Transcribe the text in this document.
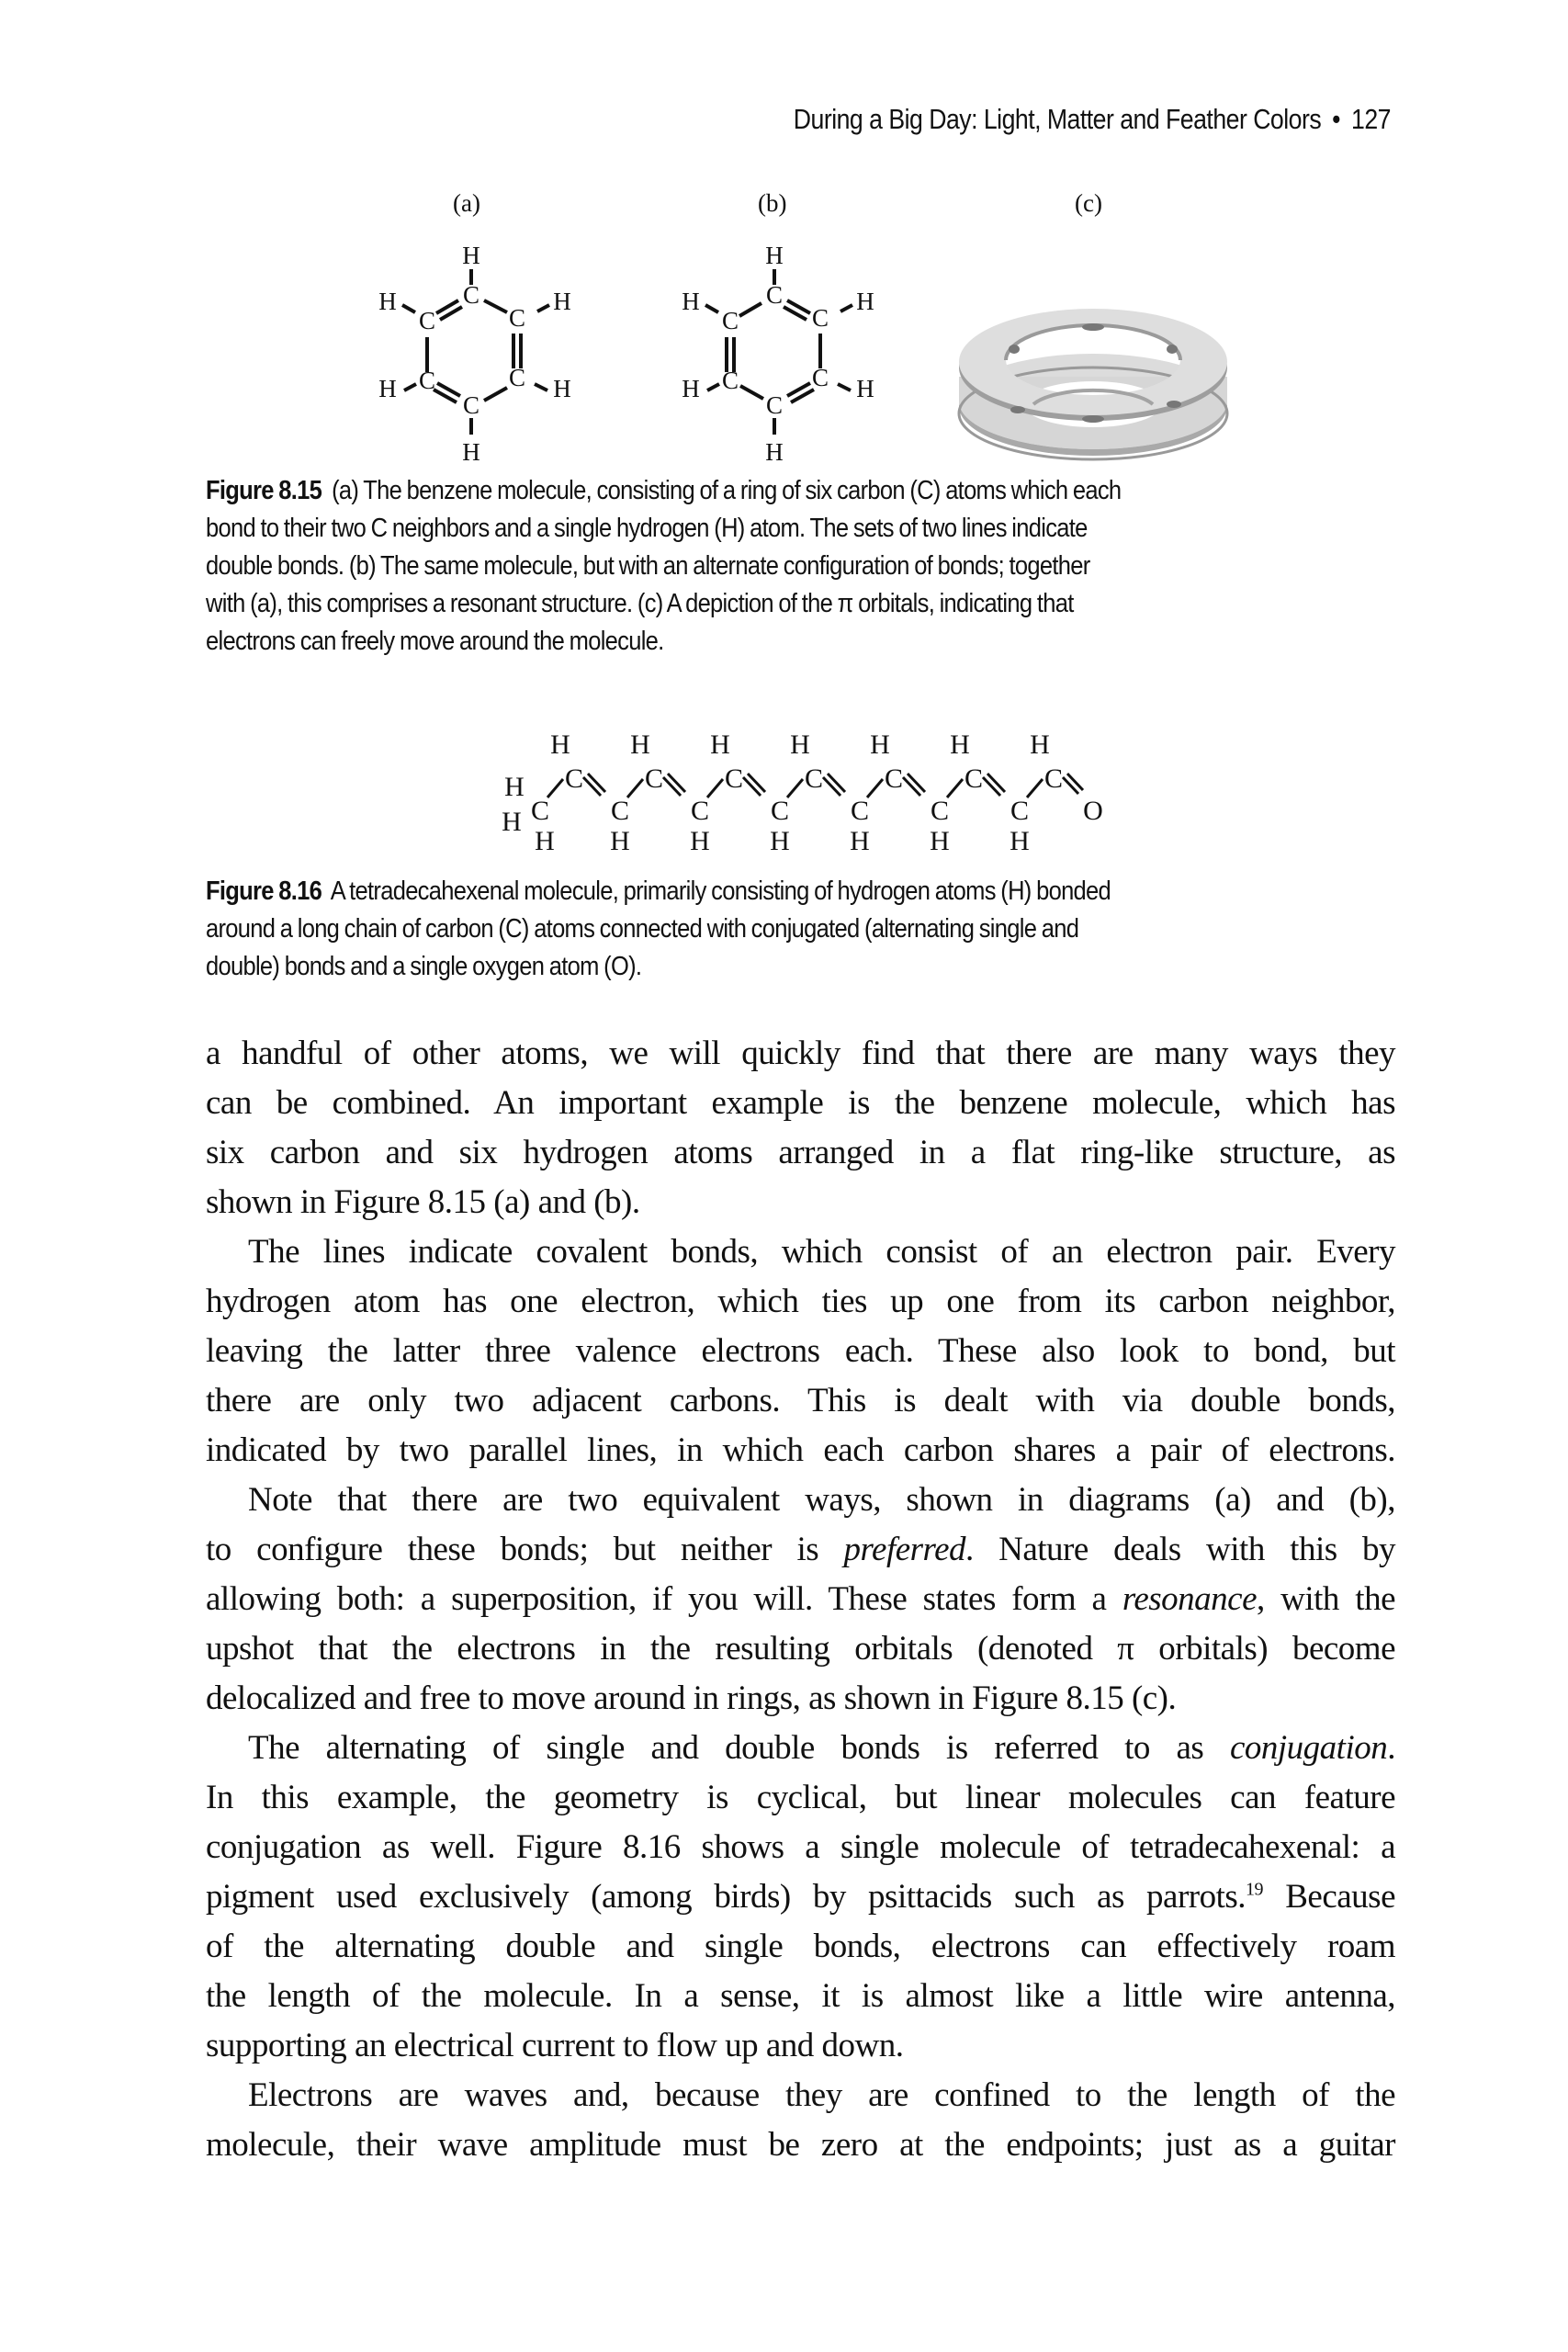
During a Big Day: Light, Matter and Feather Colors • 127
(a)	(b)	(c)
H
C
C	C
C	C
C
H
H	H
H	H
H
C
C	C
C	C
C
H
H	H
H	H
Figure 8.15 (a) The benzene molecule, consisting of a ring of six carbon (C) atoms which each
bond to their two C neighbors and a single hydrogen (H) atom. The sets of two lines indicate
double bonds. (b) The same molecule, but with an alternate configuration of bonds; together
with (a), this comprises a resonant structure. (c) A depiction of the π orbitals, indicating that
electrons can freely move around the molecule.
H
H C C C C C C C
C C C C C C C
O
H H H H H H H
H H H H H H H
Figure 8.16 A tetradecahexenal molecule, primarily consisting of hydrogen atoms (H) bonded
around a long chain of carbon (C) atoms connected with conjugated (alternating single and
double) bonds and a single oxygen atom (O).
a handful of other atoms, we will quickly find that there are many ways they
can be combined. An important example is the benzene molecule, which has
six carbon and six hydrogen atoms arranged in a flat ring-like structure, as
shown in Figure 8.15 (a) and (b).
The lines indicate covalent bonds, which consist of an electron pair. Every
hydrogen atom has one electron, which ties up one from its carbon neighbor,
leaving the latter three valence electrons each. These also look to bond, but
there are only two adjacent carbons. This is dealt with via double bonds,
indicated by two parallel lines, in which each carbon shares a pair of electrons.
Note that there are two equivalent ways, shown in diagrams (a) and (b),
to configure these bonds; but neither is preferred. Nature deals with this by
allowing both: a superposition, if you will. These states form a resonance, with the
upshot that the electrons in the resulting orbitals (denoted π orbitals) become
delocalized and free to move around in rings, as shown in Figure 8.15 (c).
The alternating of single and double bonds is referred to as conjugation.
In this example, the geometry is cyclical, but linear molecules can feature
conjugation as well. Figure 8.16 shows a single molecule of tetradecahexenal: a
pigment used exclusively (among birds) by psittacids such as parrots.$^{19}$ Because
of the alternating double and single bonds, electrons can effectively roam
the length of the molecule. In a sense, it is almost like a little wire antenna,
supporting an electrical current to flow up and down.
Electrons are waves and, because they are confined to the length of the
molecule, their wave amplitude must be zero at the endpoints; just as a guitar
